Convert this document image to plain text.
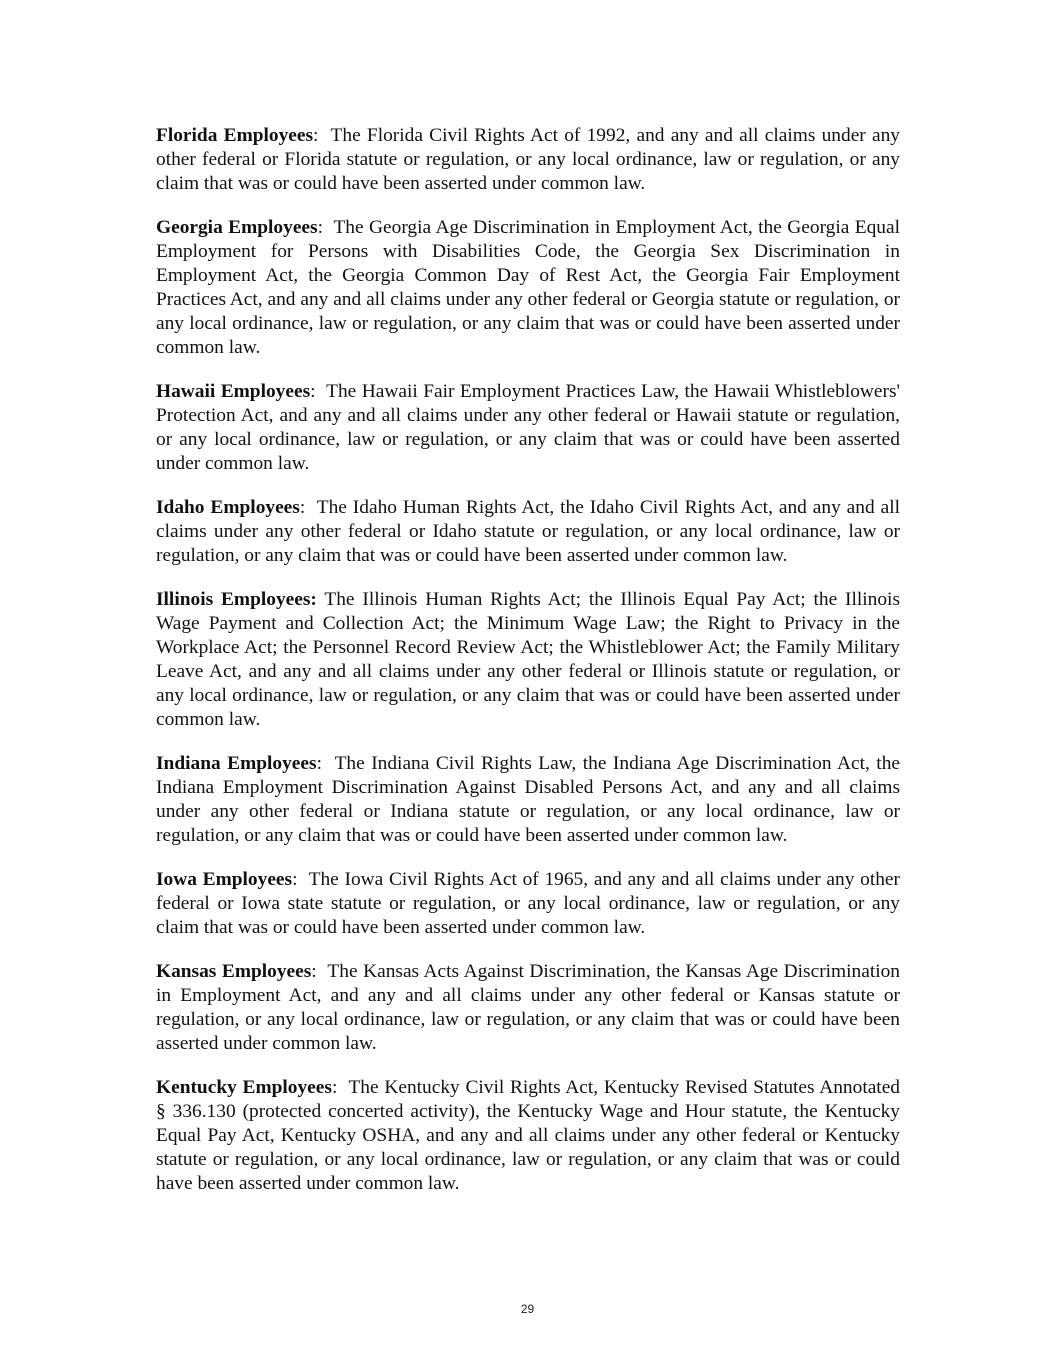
Florida Employees:  The Florida Civil Rights Act of 1992, and any and all claims under any other federal or Florida statute or regulation, or any local ordinance, law or regulation, or any claim that was or could have been asserted under common law.

Georgia Employees:  The Georgia Age Discrimination in Employment Act, the Georgia Equal Employment for Persons with Disabilities Code, the Georgia Sex Discrimination in Employment Act, the Georgia Common Day of Rest Act, the Georgia Fair Employment Practices Act, and any and all claims under any other federal or Georgia statute or regulation, or any local ordinance, law or regulation, or any claim that was or could have been asserted under common law.

Hawaii Employees:  The Hawaii Fair Employment Practices Law, the Hawaii Whistleblowers' Protection Act, and any and all claims under any other federal or Hawaii statute or regulation, or any local ordinance, law or regulation, or any claim that was or could have been asserted under common law.

Idaho Employees:  The Idaho Human Rights Act, the Idaho Civil Rights Act, and any and all claims under any other federal or Idaho statute or regulation, or any local ordinance, law or regulation, or any claim that was or could have been asserted under common law.

Illinois Employees: The Illinois Human Rights Act; the Illinois Equal Pay Act; the Illinois Wage Payment and Collection Act; the Minimum Wage Law; the Right to Privacy in the Workplace Act; the Personnel Record Review Act; the Whistleblower Act; the Family Military Leave Act, and any and all claims under any other federal or Illinois statute or regulation, or any local ordinance, law or regulation, or any claim that was or could have been asserted under common law.

Indiana Employees:  The Indiana Civil Rights Law, the Indiana Age Discrimination Act, the Indiana Employment Discrimination Against Disabled Persons Act, and any and all claims under any other federal or Indiana statute or regulation, or any local ordinance, law or regulation, or any claim that was or could have been asserted under common law.

Iowa Employees:  The Iowa Civil Rights Act of 1965, and any and all claims under any other federal or Iowa state statute or regulation, or any local ordinance, law or regulation, or any claim that was or could have been asserted under common law.

Kansas Employees:  The Kansas Acts Against Discrimination, the Kansas Age Discrimination in Employment Act, and any and all claims under any other federal or Kansas statute or regulation, or any local ordinance, law or regulation, or any claim that was or could have been asserted under common law.

Kentucky Employees:  The Kentucky Civil Rights Act, Kentucky Revised Statutes Annotated § 336.130 (protected concerted activity), the Kentucky Wage and Hour statute, the Kentucky Equal Pay Act, Kentucky OSHA, and any and all claims under any other federal or Kentucky statute or regulation, or any local ordinance, law or regulation, or any claim that was or could have been asserted under common law.

29
